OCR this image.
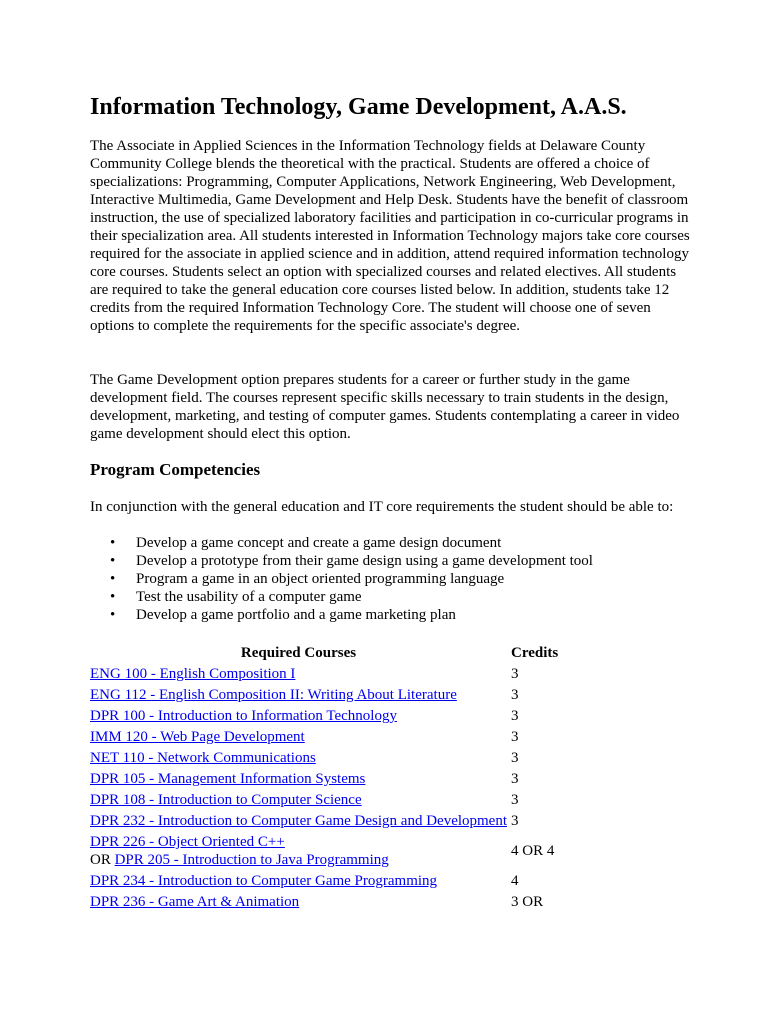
Information Technology, Game Development, A.A.S.

The Associate in Applied Sciences in the Information Technology fields at Delaware County Community College blends the theoretical with the practical. Students are offered a choice of specializations: Programming, Computer Applications, Network Engineering, Web Development, Interactive Multimedia, Game Development and Help Desk. Students have the benefit of classroom instruction, the use of specialized laboratory facilities and participation in co-curricular programs in their specialization area. All students interested in Information Technology majors take core courses required for the associate in applied science and in addition, attend required information technology core courses. Students select an option with specialized courses and related electives. All students are required to take the general education core courses listed below. In addition, students take 12 credits from the required Information Technology Core. The student will choose one of seven options to complete the requirements for the specific associate's degree.

The Game Development option prepares students for a career or further study in the game development field. The courses represent specific skills necessary to train students in the design, development, marketing, and testing of computer games. Students contemplating a career in video game development should elect this option.

Program Competencies

In conjunction with the general education and IT core requirements the student should be able to:

• Develop a game concept and create a game design document
• Develop a prototype from their game design using a game development tool
• Program a game in an object oriented programming language
• Test the usability of a computer game
• Develop a game portfolio and a game marketing plan
Required Courses	Credits
ENG 100 - English Composition I	3
ENG 112 - English Composition II: Writing About Literature	3
DPR 100 - Introduction to Information Technology	3
IMM 120 - Web Page Development	3
NET 110 - Network Communications	3
DPR 105 - Management Information Systems	3
DPR 108 - Introduction to Computer Science	3
DPR 232 - Introduction to Computer Game Design and Development	3
DPR 226 - Object Oriented C++
OR DPR 205 - Introduction to Java Programming	4 OR 4
DPR 234 - Introduction to Computer Game Programming	4
DPR 236 - Game Art & Animation	3 OR
